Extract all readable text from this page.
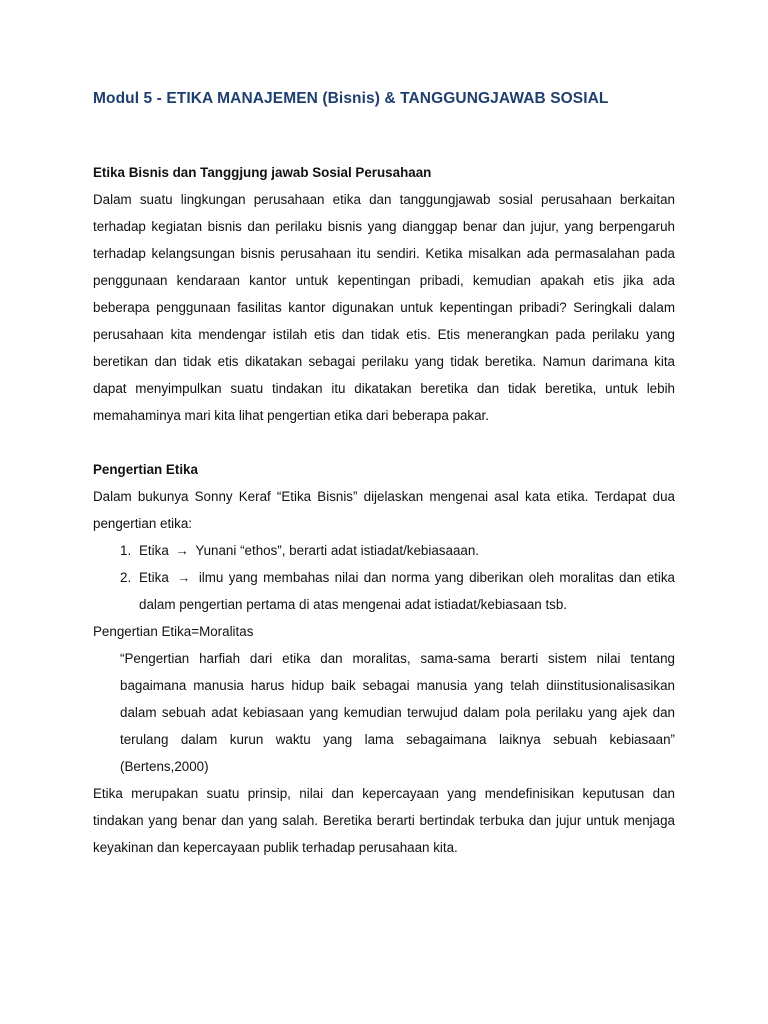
Modul 5 - ETIKA MANAJEMEN (Bisnis) & TANGGUNGJAWAB SOSIAL
Etika Bisnis dan Tanggjung jawab Sosial Perusahaan

Dalam suatu lingkungan perusahaan etika dan tanggungjawab sosial perusahaan berkaitan terhadap kegiatan bisnis dan perilaku bisnis yang dianggap benar dan jujur, yang berpengaruh terhadap kelangsungan bisnis perusahaan itu sendiri. Ketika misalkan ada permasalahan pada penggunaan kendaraan kantor untuk kepentingan pribadi, kemudian apakah etis jika ada beberapa penggunaan fasilitas kantor digunakan untuk kepentingan pribadi? Seringkali dalam perusahaan kita mendengar istilah etis dan tidak etis. Etis menerangkan pada perilaku yang beretikan dan tidak etis dikatakan sebagai perilaku yang tidak beretika. Namun darimana kita dapat menyimpulkan suatu tindakan itu dikatakan beretika dan tidak beretika, untuk lebih memahaminya mari kita lihat pengertian etika dari beberapa pakar.

Pengertian Etika

Dalam bukunya Sonny Keraf “Etika Bisnis” dijelaskan mengenai asal kata etika. Terdapat dua pengertian etika:

1. Etika → Yunani “ethos”, berarti adat istiadat/kebiasaaan.
2. Etika → ilmu yang membahas nilai dan norma yang diberikan oleh moralitas dan etika dalam pengertian pertama di atas mengenai adat istiadat/kebiasaan tsb.

Pengertian Etika=Moralitas

“Pengertian harfiah dari etika dan moralitas, sama-sama berarti sistem nilai tentang bagaimana manusia harus hidup baik sebagai manusia yang telah diinstitusionalisasikan dalam sebuah adat kebiasaan yang kemudian terwujud dalam pola perilaku yang ajek dan terulang dalam kurun waktu yang lama sebagaimana laiknya sebuah kebiasaan” (Bertens,2000)

Etika merupakan suatu prinsip, nilai dan kepercayaan yang mendefinisikan keputusan dan tindakan yang benar dan yang salah. Beretika berarti bertindak terbuka dan jujur untuk menjaga keyakinan dan kepercayaan publik terhadap perusahaan kita.
